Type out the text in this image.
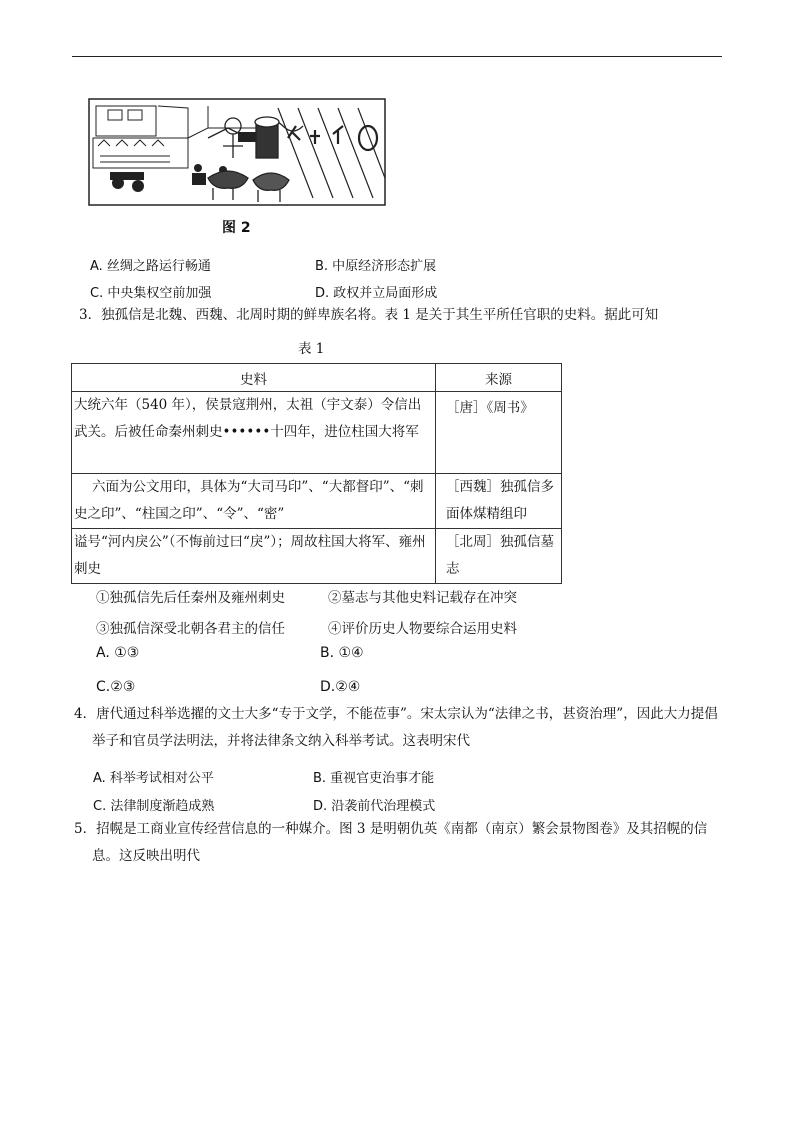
图 2
A. 丝绸之路运行畅通	B. 中原经济形态扩展
C. 中央集权空前加强	D. 政权并立局面形成
3．独孤信是北魏、西魏、北周时期的鲜卑族名将。表 1 是关于其生平所任官职的史料。据此可知
表 1
史料	来源

大统六年（540 年），侯景寇荆州，太祖（宇文泰）令信出武关。后被任命秦州刺史••••••十四年，进位柱国大将军	［唐］《周书》

六面为公文用印，具体为“大司马印”、“大都督印”、“刺史之印”、“柱国之印”、“令”、“密”	［西魏］独孤信多面体煤精组印

谥号“河内戾公”（不悔前过曰“戾”）；周故柱国大将军、雍州刺史	［北周］独孤信墓志
①独孤信先后任秦州及雍州刺史	②墓志与其他史料记载存在冲突
③独孤信深受北朝各君主的信任	④评价历史人物要综合运用史料
A. ①③	B. ①④
C.②③	D.②④
4．唐代通过科举选擢的文士大多“专于文学，不能莅事”。宋太宗认为“法律之书，甚资治理”，因此大力提倡举子和官员学法明法，并将法律条文纳入科举考试。这表明宋代
A. 科举考试相对公平	B. 重视官吏治事才能
C. 法律制度渐趋成熟	D. 沿袭前代治理模式
5．招幌是工商业宣传经营信息的一种媒介。图 3 是明朝仇英《南都（南京）繁会景物图卷》及其招幌的信息。这反映出明代
